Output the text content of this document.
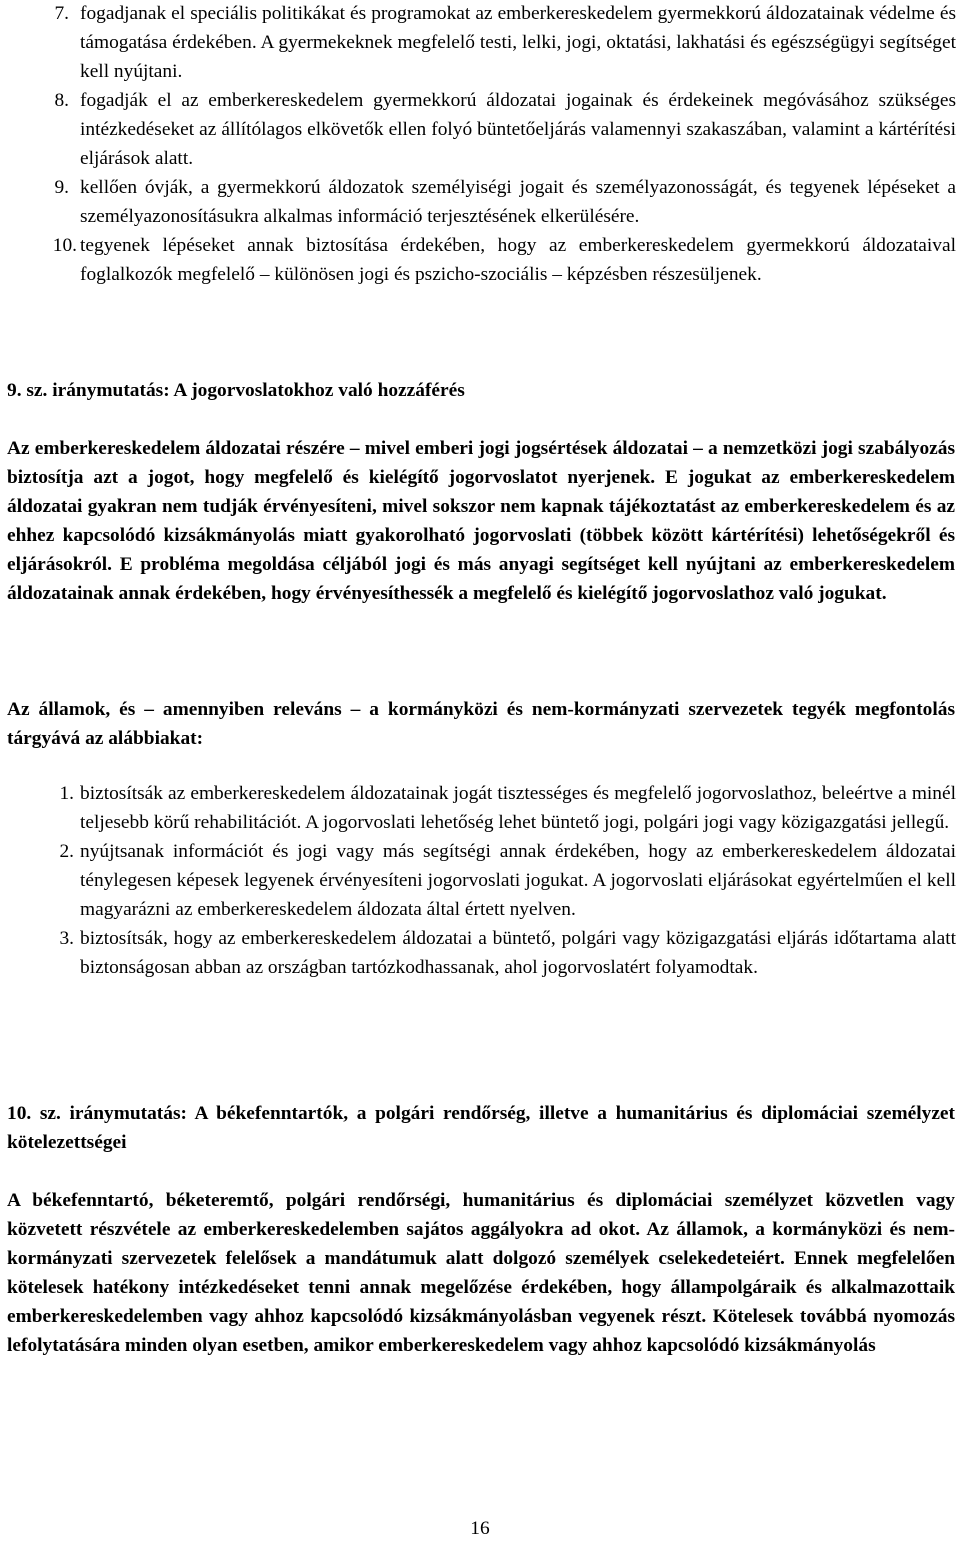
7. fogadjanak el speciális politikákat és programokat az emberkereskedelem gyermekkorú áldozatainak védelme és támogatása érdekében. A gyermekeknek megfelelő testi, lelki, jogi, oktatási, lakhatási és egészségügyi segítséget kell nyújtani.
8. fogadják el az emberkereskedelem gyermekkorú áldozatai jogainak és érdekeinek megóvásához szükséges intézkedéseket az állítólagos elkövetők ellen folyó büntetőeljárás valamennyi szakaszában, valamint a kártérítési eljárások alatt.
9. kellően óvják, a gyermekkorú áldozatok személyiségi jogait és személyazonosságát, és tegyenek lépéseket a személyazonosításukra alkalmas információ terjesztésének elkerülésére.
10. tegyenek lépéseket annak biztosítása érdekében, hogy az emberkereskedelem gyermekkorú áldozataival foglalkozók megfelelő – különösen jogi és pszicho-szociális – képzésben részesüljenek.
9. sz. iránymutatás: A jogorvoslatokhoz való hozzáférés
Az emberkereskedelem áldozatai részére – mivel emberi jogi jogsértések áldozatai – a nemzetközi jogi szabályozás biztosítja azt a jogot, hogy megfelelő és kielégítő jogorvoslatot nyerjenek. E jogukat az emberkereskedelem áldozatai gyakran nem tudják érvényesíteni, mivel sokszor nem kapnak tájékoztatást az emberkereskedelem és az ehhez kapcsolódó kizsákmányolás miatt gyakorolható jogorvoslati (többek között kártérítési) lehetőségekről és eljárásokról. E probléma megoldása céljából jogi és más anyagi segítséget kell nyújtani az emberkereskedelem áldozatainak annak érdekében, hogy érvényesíthessék a megfelelő és kielégítő jogorvoslathoz való jogukat.
Az államok, és – amennyiben releváns – a kormányközi és nem-kormányzati szervezetek tegyék megfontolás tárgyává az alábbiakat:
1. biztosítsák az emberkereskedelem áldozatainak jogát tisztességes és megfelelő jogorvoslathoz, beleértve a minél teljesebb körű rehabilitációt. A jogorvoslati lehetőség lehet büntető jogi, polgári jogi vagy közigazgatási jellegű.
2. nyújtsanak információt és jogi vagy más segítségi annak érdekében, hogy az emberkereskedelem áldozatai ténylegesen képesek legyenek érvényesíteni jogorvoslati jogukat. A jogorvoslati eljárásokat egyértelműen el kell magyarázni az emberkereskedelem áldozata által értett nyelven.
3. biztosítsák, hogy az emberkereskedelem áldozatai a büntető, polgári vagy közigazgatási eljárás időtartama alatt biztonságosan abban az országban tartózkodhassanak, ahol jogorvoslatért folyamodtak.
10. sz. iránymutatás: A békefenntartók, a polgári rendőrség, illetve a humanitárius és diplomáciai személyzet kötelezettségei
A békefenntartó, béketeremtő, polgári rendőrségi, humanitárius és diplomáciai személyzet közvetlen vagy közvetett részvétele az emberkereskedelemben sajátos aggályokra ad okot. Az államok, a kormányközi és nem-kormányzati szervezetek felelősek a mandátumuk alatt dolgozó személyek cselekedeteiért. Ennek megfelelően kötelesek hatékony intézkedéseket tenni annak megelőzése érdekében, hogy állampolgáraik és alkalmazottaik emberkereskedelemben vagy ahhoz kapcsolódó kizsákmányolásban vegyenek részt. Kötelesek továbbá nyomozás lefolytatására minden olyan esetben, amikor emberkereskedelem vagy ahhoz kapcsolódó kizsákmányolás
16
